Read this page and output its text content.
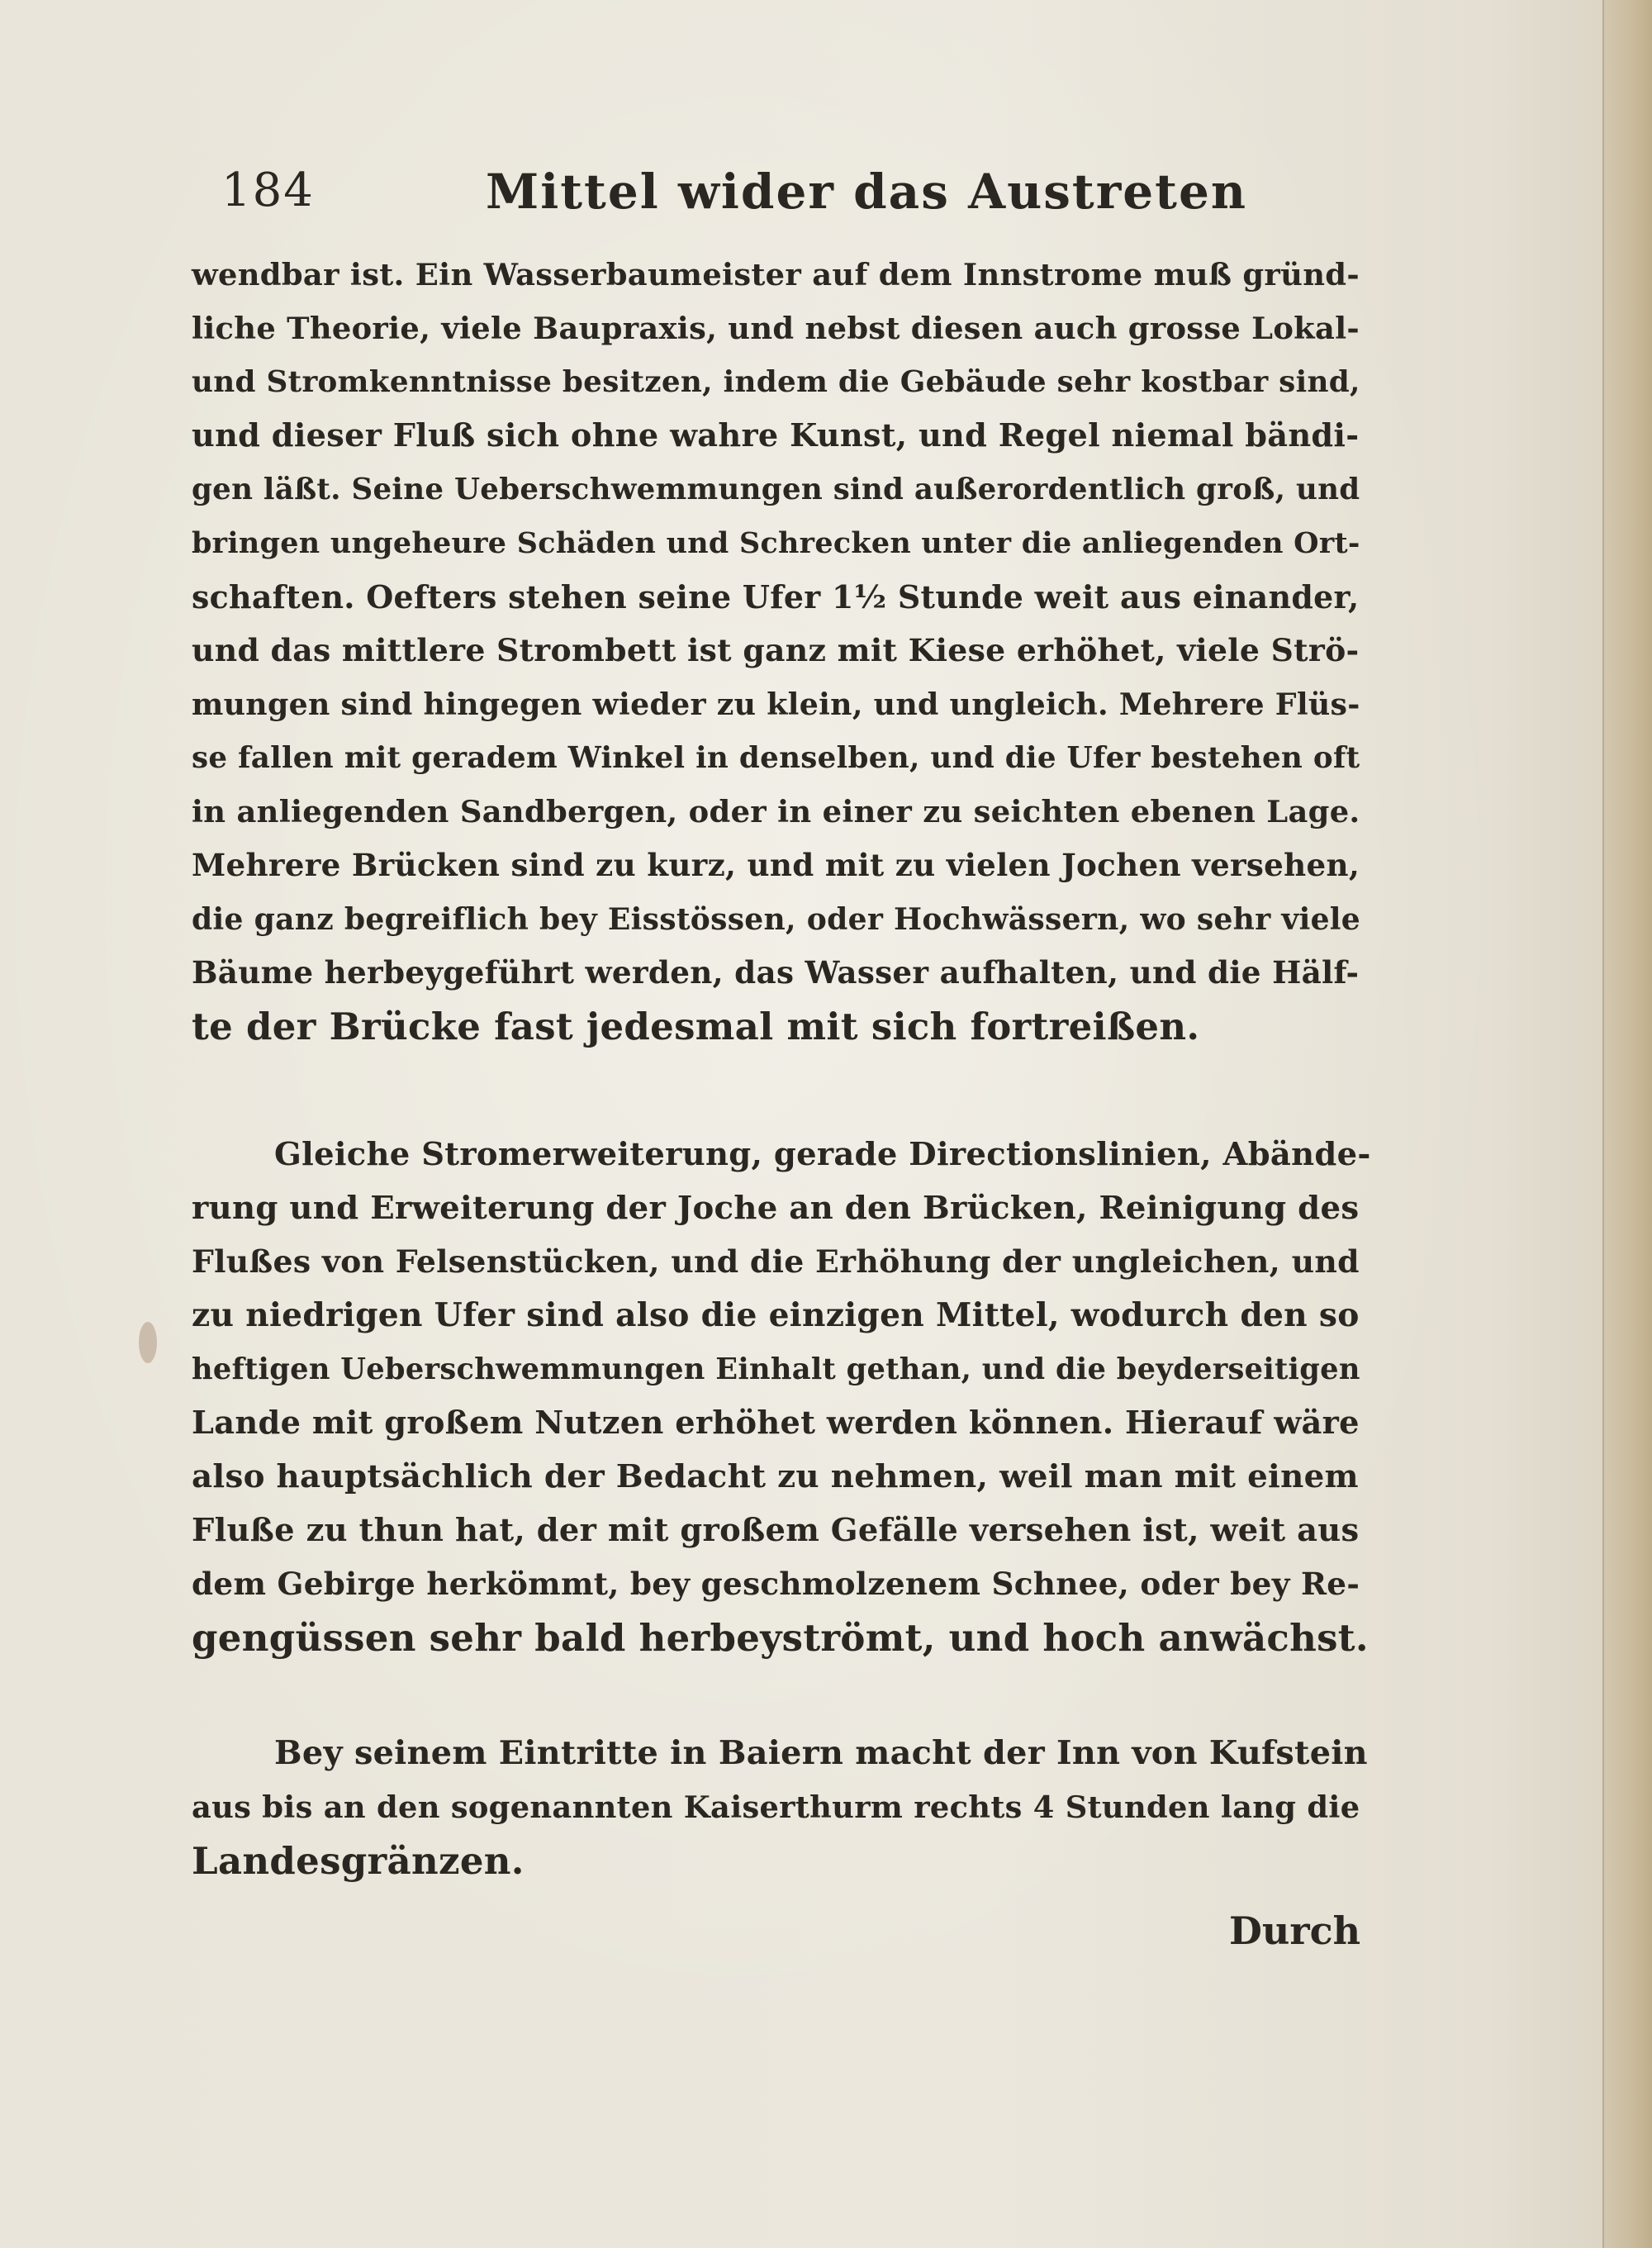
184	Mittel wider das Austreten
wendbar ist. Ein Wasserbaumeister auf dem Innstrome muß gründ-
liche Theorie, viele Baupraxis, und nebst diesen auch grosse Lokal-
und Stromkenntnisse besitzen, indem die Gebäude sehr kostbar sind,
und dieser Fluß sich ohne wahre Kunst, und Regel niemal bändi-
gen läßt. Seine Ueberschwemmungen sind außerordentlich groß, und
bringen ungeheure Schäden und Schrecken unter die anliegenden Ort-
schaften. Oefters stehen seine Ufer 1½ Stunde weit aus einander,
und das mittlere Strombett ist ganz mit Kiese erhöhet, viele Strö-
mungen sind hingegen wieder zu klein, und ungleich. Mehrere Flüs-
se fallen mit geradem Winkel in denselben, und die Ufer bestehen oft
in anliegenden Sandbergen, oder in einer zu seichten ebenen Lage.
Mehrere Brücken sind zu kurz, und mit zu vielen Jochen versehen,
die ganz begreiflich bey Eisstössen, oder Hochwässern, wo sehr viele
Bäume herbeygeführt werden, das Wasser aufhalten, und die Hälf-
te der Brücke fast jedesmal mit sich fortreißen.
Gleiche Stromerweiterung, gerade Directionslinien, Abände-
rung und Erweiterung der Joche an den Brücken, Reinigung des
Flußes von Felsenstücken, und die Erhöhung der ungleichen, und
zu niedrigen Ufer sind also die einzigen Mittel, wodurch den so
heftigen Ueberschwemmungen Einhalt gethan, und die beyderseitigen
Lande mit großem Nutzen erhöhet werden können. Hierauf wäre
also hauptsächlich der Bedacht zu nehmen, weil man mit einem
Fluße zu thun hat, der mit großem Gefälle versehen ist, weit aus
dem Gebirge herkömmt, bey geschmolzenem Schnee, oder bey Re-
gengüssen sehr bald herbeyströmt, und hoch anwächst.
Bey seinem Eintritte in Baiern macht der Inn von Kufstein
aus bis an den sogenannten Kaiserthurm rechts 4 Stunden lang die
Landesgränzen.
Durch
